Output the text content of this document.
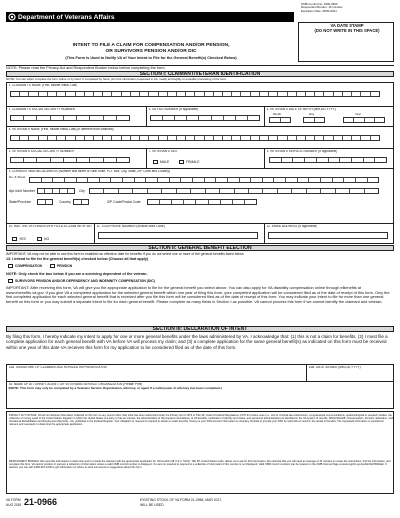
OMB Control No. 2900-0826
Respondent Burden: 15 minutes
Expiration Date: 08/31/2021
Department of Veterans Affairs
VA DATE STAMP
(DO NOT WRITE IN THIS SPACE)
INTENT TO FILE A CLAIM FOR COMPENSATION AND/OR PENSION,
OR SURVIVORS PENSION AND/OR DIC
(This Form Is Used to Notify VA of Your Intent to File for the General Benefit(s) Checked Below)
NOTE: Please read the Privacy Act and Respondent Burden below before completing the form.
SECTION I: CLAIMANT/VETERAN IDENTIFICATION
NOTE: You can either complete the form online or by hand. If completed by hand, print the information requested in ink, neatly and legibly to expedite processing of the form.
1. CLAIMANT'S NAME (First, Middle Initial, Last)
2. CLAIMANT'S SOCIAL SECURITY NUMBER	3. VA FILE NUMBER (If applicable)	4. VETERAN'S DATE OF BIRTH (MM,DD,YYYY)
Month	Day	Year
5. VETERAN'S NAME (First, Middle Initial, Last) (If different from claimant)
6. VETERAN'S SOCIAL SECURITY NUMBER	7. VETERAN'S SEX
MALE	FEMALE
8. VETERAN'S SERVICE NUMBER (If applicable)
9. CURRENT MAILING ADDRESS (Number and street or rural route, P.O. Box, City, State, ZIP Code and Country)
No. & Street
Apt./Unit Number	City
State/Province	Country	ZIP Code/Postal Code
10. HAS THE VETERAN EVER FILED A CLAIM WITH VA?
YES	NO
11. TELEPHONE NUMBER (Include Area Code)	12. EMAIL ADDRESS (If applicable)
SECTION II: GENERAL BENEFIT ELECTION
IMPORTANT: VA may not be able to use this form to establish an effective date for benefits if you do not select one or more of the general benefits listed below.
13. I intend to file for the general benefit(s) checked below (Choose all that apply)
COMPENSATION	PENSION
NOTE: Only check the box below if you are a surviving dependent of the veteran.
SURVIVORS PENSION AND/OR DEPENDENCY AND INDEMNITY COMPENSATION (DIC)
IMPORTANT: After receiving this form, VA will give you the appropriate application to file for the general benefit you select above. You can also apply for VA disability compensation online through eBenefits at www.ebenefits.va.gov. If you give VA a completed application for the selected general benefit within one year of filing this form, your completed application will be considered filed as of the date of receipt of this form. Only the first completed application for each selected general benefit that is received after you file this form will be considered filed as of the date of receipt of this form. You may indicate your intent to file for more than one general benefit on this form or you may submit a separate intent to file for each general benefit. Please complete as many fields in Section I as possible. VA cannot process this form if we cannot identify the claimant and veteran.
SECTION III: DECLARATION OF INTENT
By filing this form, I hereby indicate my intent to apply for one or more general benefits under the laws administered by VA. I acknowledge that: (1) this is not a claim for benefits, (2) I must file a complete application for each general benefit with VA before VA will process my claim; and (3) a complete application for the same general benefit(s) as indicated on this form must be received within one year of this date VA receives this form for my application to be considered filed as of the date of this form.
14A. SIGNATURE OF CLAIMANT/AUTHORIZED REPRESENTATIVE	14B. DATE SIGNED (MM,DD,YYYY)
15. NAME OF ATTORNEY, AGENT, OR VETERANS SERVICE ORGANIZATION (Please Print)
(NOTE: This form may only be completed by a Veterans Service Organization, attorney, or agent if a valid power of attorney has been completed.)
PRIVACY ACT NOTICE: VA will not disclose information collected on this form to any source other than what has been authorized under the Privacy Act of 1974 or Title 38, Code of Federal Regulations 1.576 for routine uses (i.e., civil or criminal law enforcement, congressional communications, epidemiological or research studies, the collection of money owed to the United States, litigation in which the United States is a party or has an interest, the administration of VA programs and delivery of VA benefits, verification of identity and status, and personnel administration) as identified in the VA system of records, 58VA21/22/28, Compensation, Pension, Education, and Vocational Rehabilitation and Employment Records - VA, published in the Federal Register. Your obligation to respond is required to obtain or retain benefits. Giving us your SSN account information is voluntary. Refusal to provide your SSN by itself will not result in the denial of benefits. The requested information is considered relevant and necessary to determine the appropriate application.
RESPONDENT BURDEN: We need this information to determine and to provide the claimant with the appropriate application for VA benefits (38 U.S.C. 5101). Title 38, United States Code, allows us to ask for this information. We estimate that you will need an average of 15 minutes to review the instructions, find the information, and complete this form. VA cannot conduct or sponsor a collection of information unless a valid OMB control number is displayed. You are not required to respond to a collection of information if this number is not displayed. Valid OMB control numbers can be located on the OMB Internet Page at www.reginfo.gov/public/do/PRAMain. If desired, you can call 1-800-827-1000 to get information on where to send comments or suggestions about this form.
VA FORM
AUG 2018 21-0966	EXISTING STOCK OF VA FORM 21-0966, MAR 2017,
WILL BE USED.
